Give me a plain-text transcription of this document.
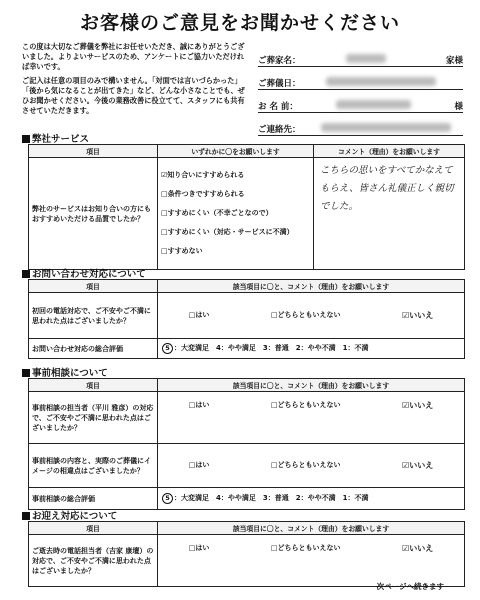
お客様のご意見をお聞かせください

この度は大切なご葬儀を弊社にお任せいただき、誠にありがとうございました。よりよいサービスのため、アンケートにご協力いただければ幸いです。

ご記入は任意の項目のみで構いません。「対面では言いづらかった」「後から気になることが出てきた」など、どんな小さなことでも、ぜひお聞かせください。今後の業務改善に役立てて、スタッフにも共有させていただきます。

ご葬家名：	家様
ご葬儀日：
お 名 前：	様
ご連絡先：
弊社サービス
項目	いずれかに〇をお願いします	コメント（理由）をお願いします
弊社のサービスはお知り合いの方にもおすすめいただける品質でしたか？	☑知り合いにすすめられる
□条件つきですすめられる
□すすめにくい（不幸ごとなので）
□すすめにくい（対応・サービスに不満）
□すすめない	こちらの思いをすべてかなえてもらえ、皆さん礼儀正しく親切でした。
お問い合わせ対応について
項目	該当項目に〇と、コメント（理由）をお願いします
初回の電話対応で、ご不安やご不満に思われた点はございましたか？	□はい □どちらともいえない ☑いいえ

お問い合わせ対応の総合評価	5 ：大変満足　4：やや満足　3：普通　2：やや不満　1：不満
事前相談について
項目	該当項目に〇と、コメント（理由）をお願いします
事前相談の担当者（平川 雅彦）の対応で、ご不安やご不満に思われた点はございましたか？	□はい □どちらともいえない ☑いいえ

事前相談の内容と、実際のご葬儀にイメージの相違点はございましたか？	□はい □どちらともいえない ☑いいえ

事前相談の総合評価	5 ：大変満足　4：やや満足　3：普通　2：やや不満　1：不満
お迎え対応について
項目	該当項目に〇と、コメント（理由）をお願いします
ご逝去時の電話担当者（吉家 康壇）の対応で、ご不安やご不満に思われた点はございましたか？	□はい □どちらともいえない ☑いいえ
次ページへ続きます
